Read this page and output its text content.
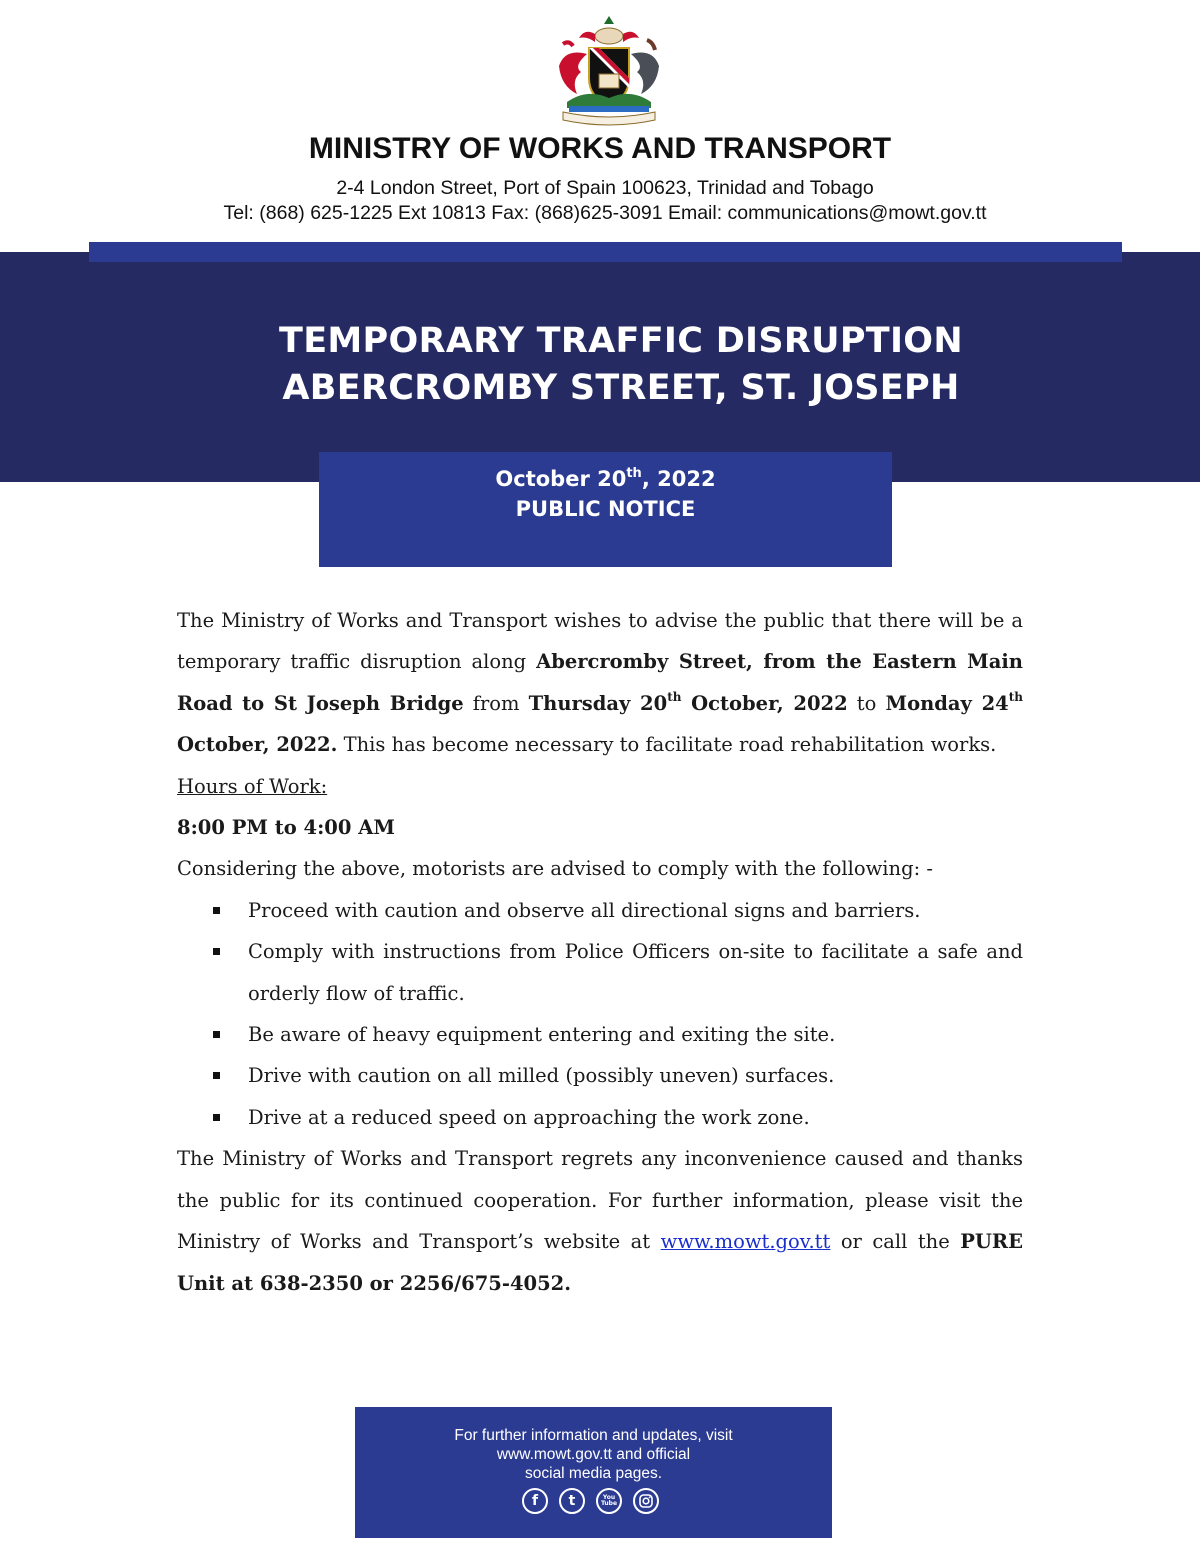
MINISTRY OF WORKS AND TRANSPORT
2-4 London Street, Port of Spain 100623, Trinidad and Tobago
Tel: (868) 625-1225 Ext 10813 Fax: (868)625-3091 Email: communications@mowt.gov.tt
TEMPORARY TRAFFIC DISRUPTION
ABERCROMBY STREET, ST. JOSEPH
October 20th, 2022
PUBLIC NOTICE

The Ministry of Works and Transport wishes to advise the public that there will be a temporary traffic disruption along Abercromby Street, from the Eastern Main Road to St Joseph Bridge from Thursday 20th October, 2022 to Monday 24th October, 2022. This has become necessary to facilitate road rehabilitation works.

Hours of Work:

8:00 PM to 4:00 AM

Considering the above, motorists are advised to comply with the following: -

Proceed with caution and observe all directional signs and barriers.
Comply with instructions from Police Officers on-site to facilitate a safe and orderly flow of traffic.
Be aware of heavy equipment entering and exiting the site.
Drive with caution on all milled (possibly uneven) surfaces.
Drive at a reduced speed on approaching the work zone.

The Ministry of Works and Transport regrets any inconvenience caused and thanks the public for its continued cooperation. For further information, please visit the Ministry of Works and Transport’s website at www.mowt.gov.tt or call the PURE Unit at 638-2350 or 2256/675-4052.

For further information and updates, visit
www.mowt.gov.tt and official
social media pages.
f t	You
Tube
